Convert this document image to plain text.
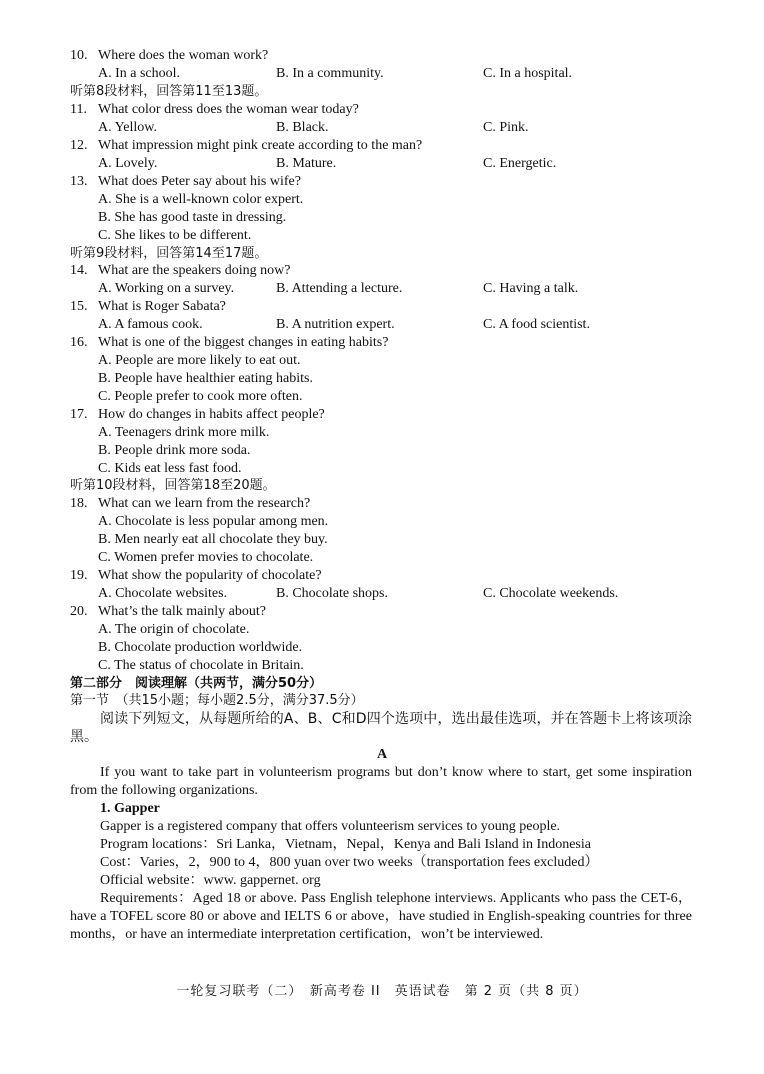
10. Where does the woman work?
A. In a school.	B. In a community.	C. In a hospital.
听第8段材料，回答第11至13题。
11. What color dress does the woman wear today?
A. Yellow.	B. Black.	C. Pink.
12. What impression might pink create according to the man?
A. Lovely.	B. Mature.	C. Energetic.
13. What does Peter say about his wife?
A. She is a well-known color expert.
B. She has good taste in dressing.
C. She likes to be different.
听第9段材料，回答第14至17题。
14. What are the speakers doing now?
A. Working on a survey.	B. Attending a lecture.	C. Having a talk.
15. What is Roger Sabata?
A. A famous cook.	B. A nutrition expert.	C. A food scientist.
16. What is one of the biggest changes in eating habits?
A. People are more likely to eat out.
B. People have healthier eating habits.
C. People prefer to cook more often.
17. How do changes in habits affect people?
A. Teenagers drink more milk.
B. People drink more soda.
C. Kids eat less fast food.
听第10段材料，回答第18至20题。
18. What can we learn from the research?
A. Chocolate is less popular among men.
B. Men nearly eat all chocolate they buy.
C. Women prefer movies to chocolate.
19. What show the popularity of chocolate?
A. Chocolate websites.	B. Chocolate shops.	C. Chocolate weekends.
20. What’s the talk mainly about?
A. The origin of chocolate.
B. Chocolate production worldwide.
C. The status of chocolate in Britain.
第二部分　阅读理解（共两节，满分50分）
第一节　（共15小题；每小题2.5分，满分37.5分）
阅读下列短文，从每题所给的A、B、C和D四个选项中，选出最佳选项，并在答题卡上将该项涂黑。
A
If you want to take part in volunteerism programs but don’t know where to start, get some inspiration from the following organizations.
1. Gapper
Gapper is a registered company that offers volunteerism services to young people.
Program locations：Sri Lanka，Vietnam，Nepal，Kenya and Bali Island in Indonesia
Cost：Varies，2，900 to 4，800 yuan over two weeks（transportation fees excluded）
Official website：www. gappernet. org
Requirements：Aged 18 or above. Pass English telephone interviews. Applicants who pass the CET-6，have a TOFEL score 80 or above and IELTS 6 or above，have studied in English-speaking countries for three months，or have an intermediate interpretation certification，won’t be interviewed.
一轮复习联考（二）　新高考卷 II　英语试卷　第 2 页（共 8 页）
